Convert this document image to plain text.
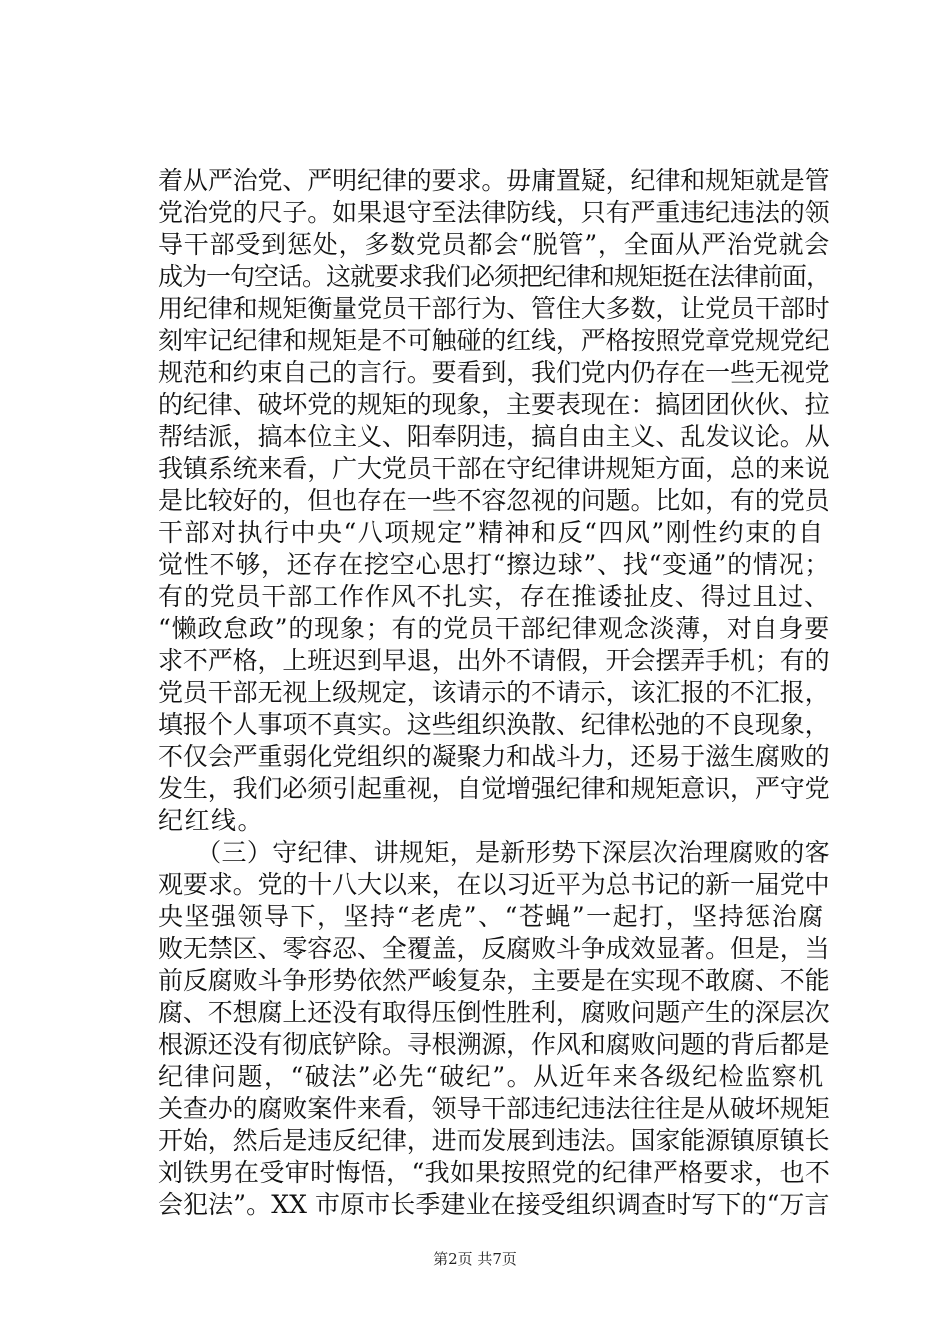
着从严治党、严明纪律的要求。毋庸置疑，纪律和规矩就是管
党治党的尺子。如果退守至法律防线，只有严重违纪违法的领
导干部受到惩处，多数党员都会“脱管”，全面从严治党就会
成为一句空话。这就要求我们必须把纪律和规矩挺在法律前面，
用纪律和规矩衡量党员干部行为、管住大多数，让党员干部时
刻牢记纪律和规矩是不可触碰的红线，严格按照党章党规党纪
规范和约束自己的言行。要看到，我们党内仍存在一些无视党
的纪律、破坏党的规矩的现象，主要表现在：搞团团伙伙、拉
帮结派，搞本位主义、阳奉阴违，搞自由主义、乱发议论。从
我镇系统来看，广大党员干部在守纪律讲规矩方面，总的来说
是比较好的，但也存在一些不容忽视的问题。比如，有的党员
干部对执行中央“八项规定”精神和反“四风”刚性约束的自
觉性不够，还存在挖空心思打“擦边球”、找“变通”的情况；
有的党员干部工作作风不扎实，存在推诿扯皮、得过且过、
“懒政怠政”的现象；有的党员干部纪律观念淡薄，对自身要
求不严格，上班迟到早退，出外不请假，开会摆弄手机；有的
党员干部无视上级规定，该请示的不请示，该汇报的不汇报，
填报个人事项不真实。这些组织涣散、纪律松弛的不良现象，
不仅会严重弱化党组织的凝聚力和战斗力，还易于滋生腐败的
发生，我们必须引起重视，自觉增强纪律和规矩意识，严守党
纪红线。
　　（三）守纪律、讲规矩，是新形势下深层次治理腐败的客
观要求。党的十八大以来，在以习近平为总书记的新一届党中
央坚强领导下，坚持“老虎”、“苍蝇”一起打，坚持惩治腐
败无禁区、零容忍、全覆盖，反腐败斗争成效显著。但是，当
前反腐败斗争形势依然严峻复杂，主要是在实现不敢腐、不能
腐、不想腐上还没有取得压倒性胜利，腐败问题产生的深层次
根源还没有彻底铲除。寻根溯源，作风和腐败问题的背后都是
纪律问题，“破法”必先“破纪”。从近年来各级纪检监察机
关查办的腐败案件来看，领导干部违纪违法往往是从破坏规矩
开始，然后是违反纪律，进而发展到违法。国家能源镇原镇长
刘铁男在受审时悔悟，“我如果按照党的纪律严格要求，也不
会犯法”。XX 市原市长季建业在接受组织调查时写下的“万言
第2页 共7页
